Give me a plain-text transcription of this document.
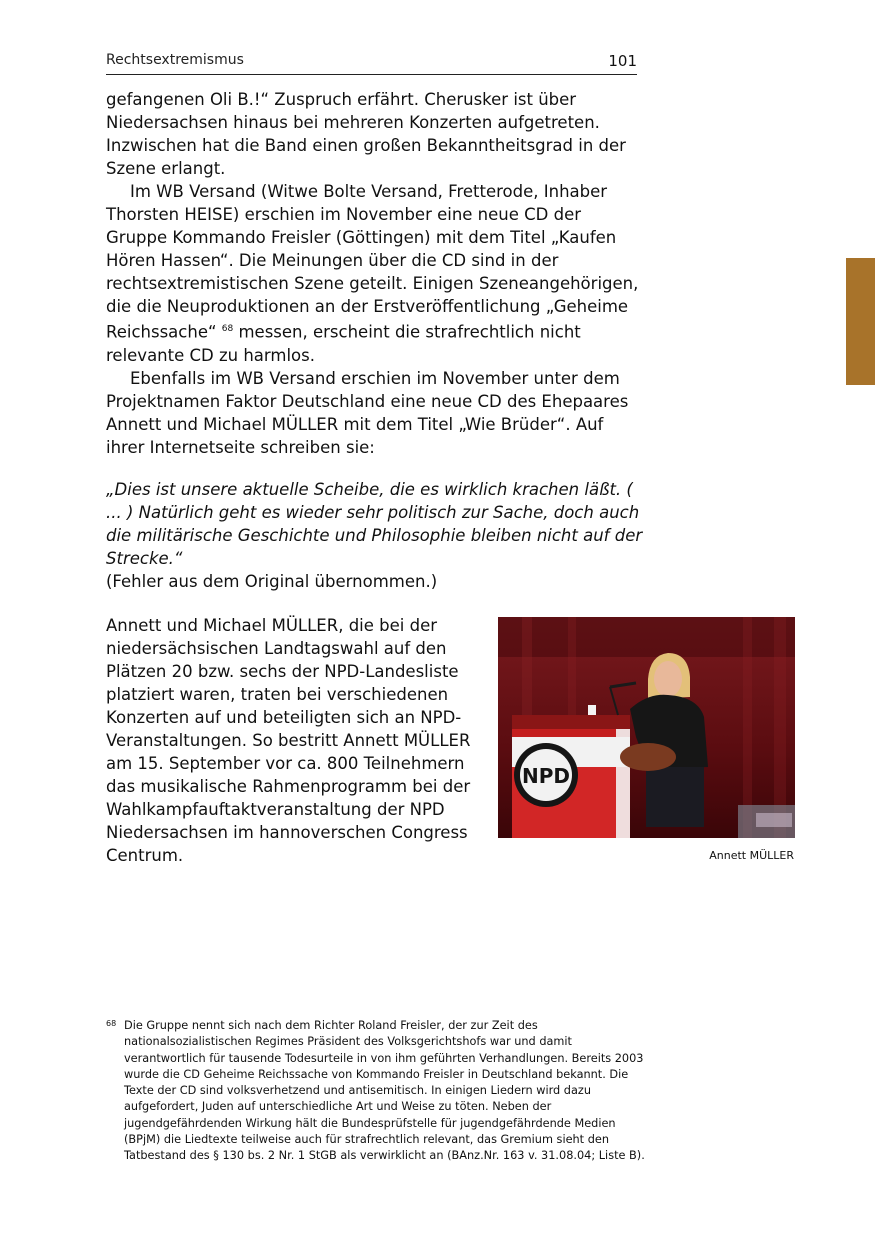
Rechtsextremismus	101

gefangenen Oli B.!“ Zuspruch erfährt. Cherusker ist über Niedersachsen hinaus bei mehreren Konzerten aufgetreten. Inzwischen hat die Band einen großen Bekanntheitsgrad in der Szene erlangt.

Im WB Versand (Witwe Bolte Versand, Fretterode, Inhaber Thorsten HEISE) erschien im November eine neue CD der Gruppe Kommando Freisler (Göttingen) mit dem Titel „Kaufen Hören Hassen“. Die Meinungen über die CD sind in der rechtsextremistischen Szene geteilt. Einigen Szeneangehörigen, die die Neuproduktionen an der Erstveröffentlichung „Geheime Reichssache“ $^{68}$ messen, erscheint die strafrechtlich nicht relevante CD zu harmlos.

Ebenfalls im WB Versand erschien im November unter dem Projektnamen Faktor Deutschland eine neue CD des Ehepaares Annett und Michael MÜLLER mit dem Titel „Wie Brüder“. Auf ihrer Internetseite schreiben sie:

„Dies ist unsere aktuelle Scheibe, die es wirklich krachen läßt. ( ... ) Natürlich geht es wieder sehr politisch zur Sache, doch auch die militärische Geschichte und Philosophie bleiben nicht auf der Strecke.“

(Fehler aus dem Original übernommen.)

Annett und Michael MÜLLER, die bei der niedersächsischen Landtagswahl auf den Plätzen 20 bzw. sechs der NPD-Landesliste platziert waren, traten bei verschiedenen Konzerten auf und beteiligten sich an NPD-Veranstaltungen. So bestritt Annett MÜLLER am 15. September vor ca. 800 Teilnehmern das musikalische Rahmenprogramm bei der Wahlkampfauftaktveranstaltung der NPD Niedersachsen im hannoverschen Congress Centrum.

NPD
Annett MÜLLER
68 Die Gruppe nennt sich nach dem Richter Roland Freisler, der zur Zeit des nationalsozialistischen Regimes Präsident des Volksgerichtshofs war und damit verantwortlich für tausende Todesurteile in von ihm geführten Verhandlungen. Bereits 2003 wurde die CD Geheime Reichssache von Kommando Freisler in Deutschland bekannt. Die Texte der CD sind volksverhetzend und antisemitisch. In einigen Liedern wird dazu aufgefordert, Juden auf unterschiedliche Art und Weise zu töten. Neben der jugendgefährdenden Wirkung hält die Bundesprüfstelle für jugendgefährdende Medien (BPjM) die Liedtexte teilweise auch für strafrechtlich relevant, das Gremium sieht den Tatbestand des § 130 bs. 2 Nr. 1 StGB als verwirklicht an (BAnz.Nr. 163 v. 31.08.04; Liste B).
